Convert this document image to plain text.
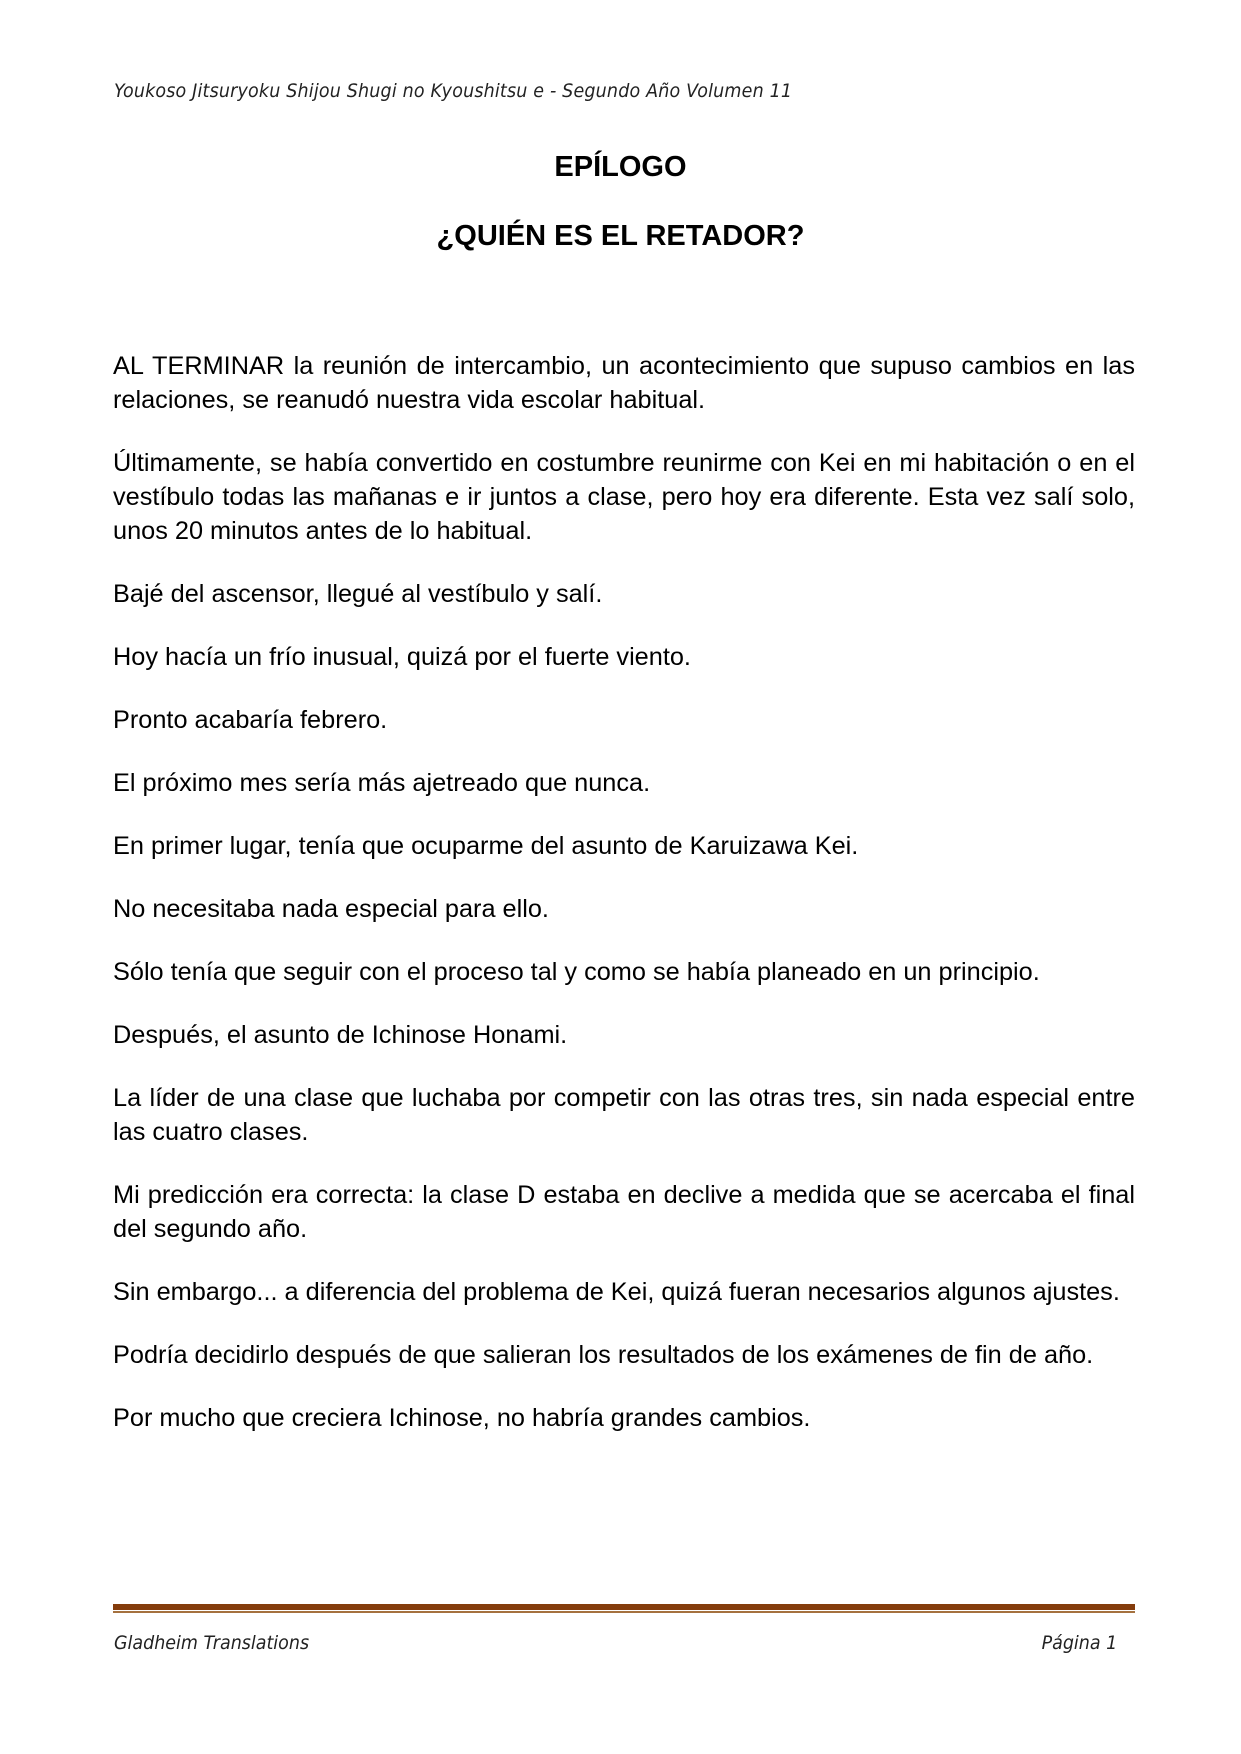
Youkoso Jitsuryoku Shijou Shugi no Kyoushitsu e - Segundo Año Volumen 11
EPÍLOGO
¿QUIÉN ES EL RETADOR?

AL TERMINAR la reunión de intercambio, un acontecimiento que supuso cambios en las relaciones, se reanudó nuestra vida escolar habitual.

Últimamente, se había convertido en costumbre reunirme con Kei en mi habitación o en el vestíbulo todas las mañanas e ir juntos a clase, pero hoy era diferente. Esta vez salí solo, unos 20 minutos antes de lo habitual.

Bajé del ascensor, llegué al vestíbulo y salí.

Hoy hacía un frío inusual, quizá por el fuerte viento.

Pronto acabaría febrero.

El próximo mes sería más ajetreado que nunca.

En primer lugar, tenía que ocuparme del asunto de Karuizawa Kei.

No necesitaba nada especial para ello.

Sólo tenía que seguir con el proceso tal y como se había planeado en un principio.

Después, el asunto de Ichinose Honami.

La líder de una clase que luchaba por competir con las otras tres, sin nada especial entre las cuatro clases.

Mi predicción era correcta: la clase D estaba en declive a medida que se acercaba el final del segundo año.

Sin embargo... a diferencia del problema de Kei, quizá fueran necesarios algunos ajustes.

Podría decidirlo después de que salieran los resultados de los exámenes de fin de año.

Por mucho que creciera Ichinose, no habría grandes cambios.

Gladheim Translations	Página 1
